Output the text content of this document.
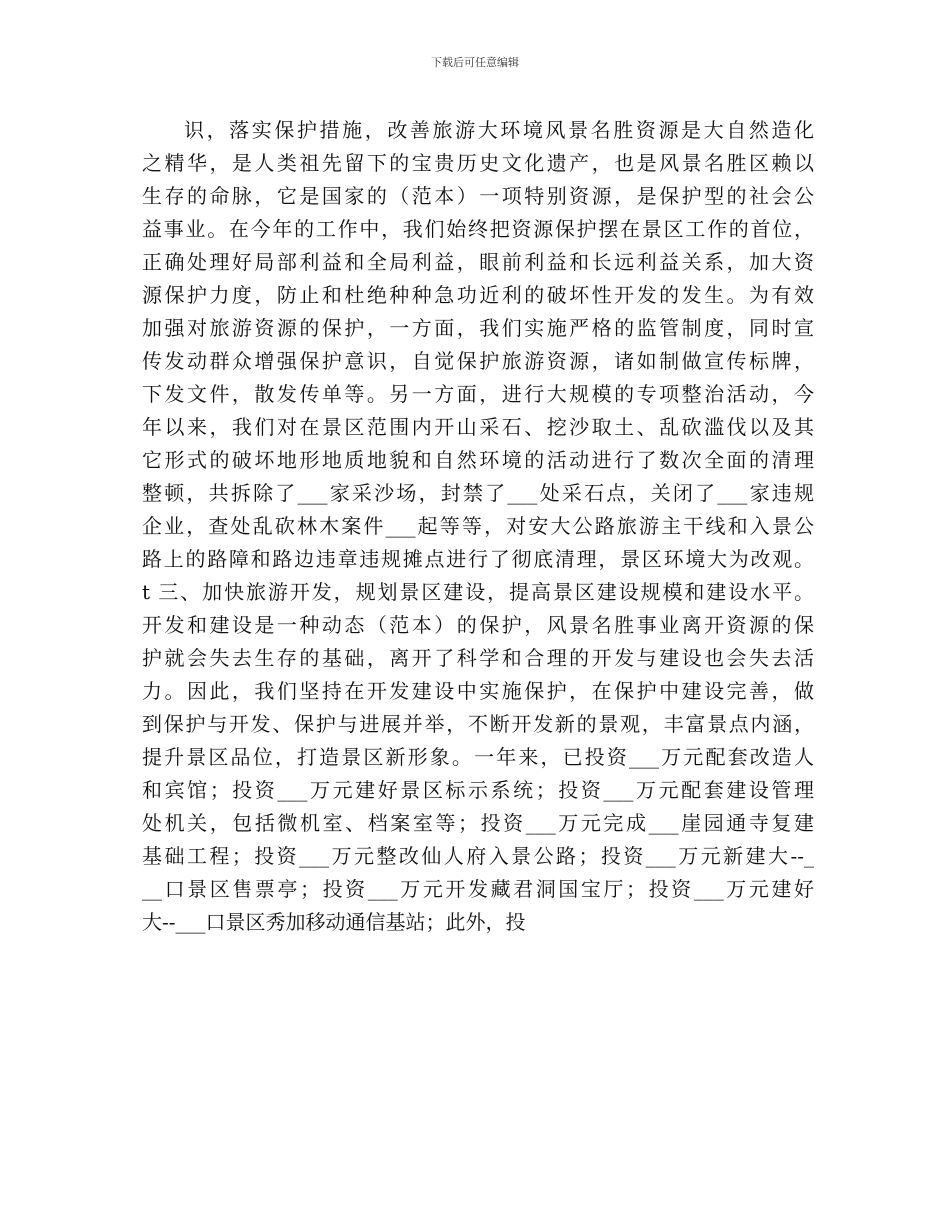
下载后可任意编辑
识，落实保护措施，改善旅游大环境风景名胜资源是大自然造化
之精华，是人类祖先留下的宝贵历史文化遗产，也是风景名胜区赖以
生存的命脉，它是国家的（范本）一项特别资源，是保护型的社会公
益事业。在今年的工作中，我们始终把资源保护摆在景区工作的首位，
正确处理好局部利益和全局利益，眼前利益和长远利益关系，加大资
源保护力度，防止和杜绝种种急功近利的破坏性开发的发生。为有效
加强对旅游资源的保护，一方面，我们实施严格的监管制度，同时宣
传发动群众增强保护意识，自觉保护旅游资源，诸如制做宣传标牌，
下发文件，散发传单等。另一方面，进行大规模的专项整治活动，今
年以来，我们对在景区范围内开山采石、挖沙取土、乱砍滥伐以及其
它形式的破坏地形地质地貌和自然环境的活动进行了数次全面的清理
整顿，共拆除了___家采沙场，封禁了___处采石点，关闭了___家违规
企业，查处乱砍林木案件___起等等，对安大公路旅游主干线和入景公
路上的路障和路边违章违规摊点进行了彻底清理，景区环境大为改观。
t 三、加快旅游开发，规划景区建设，提高景区建设规模和建设水平。
开发和建设是一种动态（范本）的保护，风景名胜事业离开资源的保
护就会失去生存的基础，离开了科学和合理的开发与建设也会失去活
力。因此，我们坚持在开发建设中实施保护，在保护中建设完善，做
到保护与开发、保护与进展并举，不断开发新的景观，丰富景点内涵，
提升景区品位，打造景区新形象。一年来，已投资___万元配套改造人
和宾馆；投资___万元建好景区标示系统；投资___万元配套建设管理
处机关，包括微机室、档案室等；投资___万元完成___崖园通寺复建
基础工程；投资___万元整改仙人府入景公路；投资___万元新建大--_
__口景区售票亭；投资___万元开发藏君洞国宝厅；投资___万元建好
大--___口景区秀加移动通信基站；此外，投
